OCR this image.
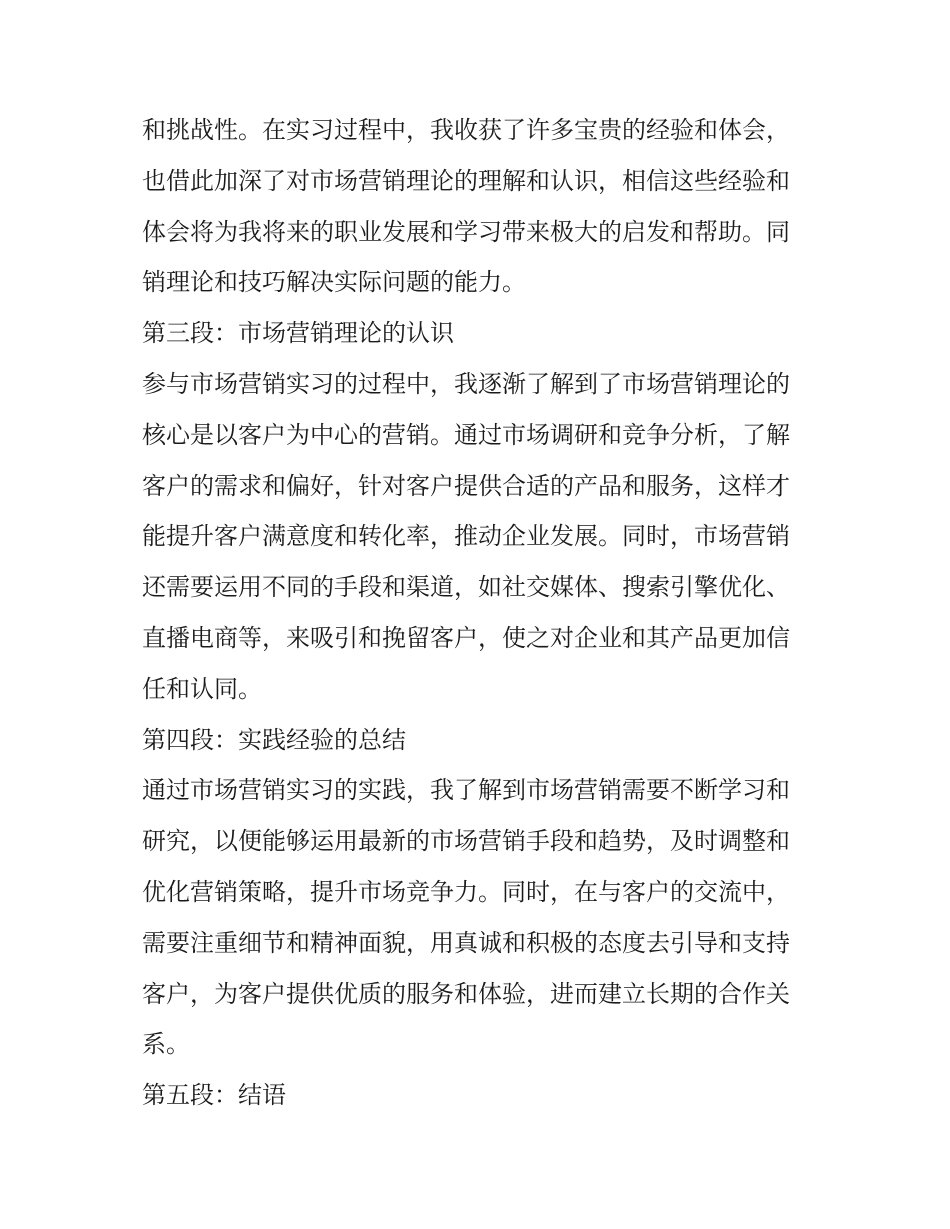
和挑战性。在实习过程中，我收获了许多宝贵的经验和体会，
也借此加深了对市场营销理论的理解和认识，相信这些经验和
体会将为我将来的职业发展和学习带来极大的启发和帮助。同
销理论和技巧解决实际问题的能力。
第三段：市场营销理论的认识
参与市场营销实习的过程中，我逐渐了解到了市场营销理论的
核心是以客户为中心的营销。通过市场调研和竞争分析，了解
客户的需求和偏好，针对客户提供合适的产品和服务，这样才
能提升客户满意度和转化率，推动企业发展。同时，市场营销
还需要运用不同的手段和渠道，如社交媒体、搜索引擎优化、
直播电商等，来吸引和挽留客户，使之对企业和其产品更加信
任和认同。
第四段：实践经验的总结
通过市场营销实习的实践，我了解到市场营销需要不断学习和
研究，以便能够运用最新的市场营销手段和趋势，及时调整和
优化营销策略，提升市场竞争力。同时，在与客户的交流中，
需要注重细节和精神面貌，用真诚和积极的态度去引导和支持
客户，为客户提供优质的服务和体验，进而建立长期的合作关
系。
第五段：结语
